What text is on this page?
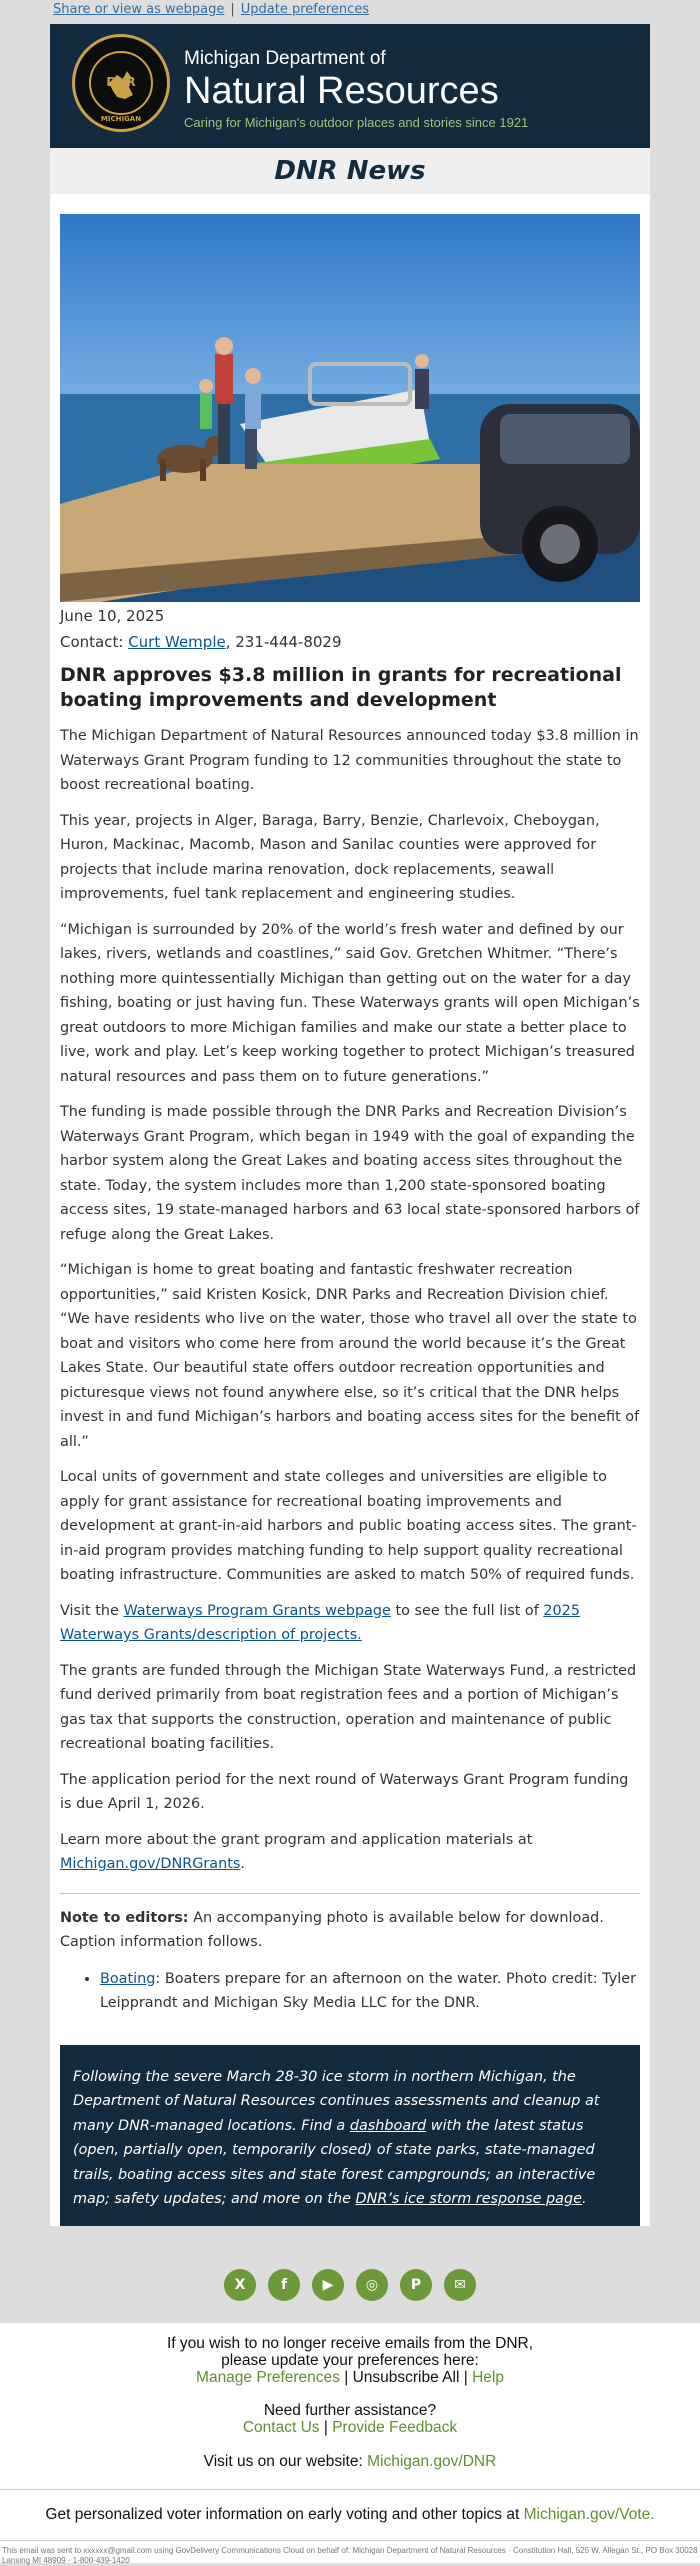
Share or view as webpage | Update preferences
DNR
MICHIGAN
Michigan Department of
Natural Resources
Caring for Michigan's outdoor places and stories since 1921
DNR News
June 10, 2025
Contact: Curt Wemple, 231-444-8029
DNR approves $3.8 million in grants for recreational boating improvements and development

The Michigan Department of Natural Resources announced today $3.8 million in Waterways Grant Program funding to 12 communities throughout the state to boost recreational boating.

This year, projects in Alger, Baraga, Barry, Benzie, Charlevoix, Cheboygan, Huron, Mackinac, Macomb, Mason and Sanilac counties were approved for projects that include marina renovation, dock replacements, seawall improvements, fuel tank replacement and engineering studies.

“Michigan is surrounded by 20% of the world’s fresh water and defined by our lakes, rivers, wetlands and coastlines,” said Gov. Gretchen Whitmer. “There’s nothing more quintessentially Michigan than getting out on the water for a day fishing, boating or just having fun. These Waterways grants will open Michigan’s great outdoors to more Michigan families and make our state a better place to live, work and play. Let’s keep working together to protect Michigan’s treasured natural resources and pass them on to future generations.”

The funding is made possible through the DNR Parks and Recreation Division’s Waterways Grant Program, which began in 1949 with the goal of expanding the harbor system along the Great Lakes and boating access sites throughout the state. Today, the system includes more than 1,200 state-sponsored boating access sites, 19 state-managed harbors and 63 local state-sponsored harbors of refuge along the Great Lakes.

“Michigan is home to great boating and fantastic freshwater recreation opportunities,” said Kristen Kosick, DNR Parks and Recreation Division chief. “We have residents who live on the water, those who travel all over the state to boat and visitors who come here from around the world because it’s the Great Lakes State. Our beautiful state offers outdoor recreation opportunities and picturesque views not found anywhere else, so it’s critical that the DNR helps invest in and fund Michigan’s harbors and boating access sites for the benefit of all.”

Local units of government and state colleges and universities are eligible to apply for grant assistance for recreational boating improvements and development at grant-in-aid harbors and public boating access sites. The grant-in-aid program provides matching funding to help support quality recreational boating infrastructure. Communities are asked to match 50% of required funds.

Visit the Waterways Program Grants webpage to see the full list of 2025 Waterways Grants/description of projects.

The grants are funded through the Michigan State Waterways Fund, a restricted fund derived primarily from boat registration fees and a portion of Michigan’s gas tax that supports the construction, operation and maintenance of public recreational boating facilities.

The application period for the next round of Waterways Grant Program funding is due April 1, 2026.

Learn more about the grant program and application materials at Michigan.gov/DNRGrants.

Note to editors: An accompanying photo is available below for download. Caption information follows.

• Boating: Boaters prepare for an afternoon on the water. Photo credit: Tyler Leipprandt and Michigan Sky Media LLC for the DNR.
Following the severe March 28-30 ice storm in northern Michigan, the Department of Natural Resources continues assessments and cleanup at many DNR-managed locations. Find a dashboard with the latest status (open, partially open, temporarily closed) of state parks, state-managed trails, boating access sites and state forest campgrounds; an interactive map; safety updates; and more on the DNR’s ice storm response page.
X	f	▶ ◎ P ✉
If you wish to no longer receive emails from the DNR,
please update your preferences here:
Manage Preferences | Unsubscribe All | Help
Need further assistance?
Contact Us | Provide Feedback
Visit us on our website: Michigan.gov/DNR
Get personalized voter information on early voting and other topics at Michigan.gov/Vote.
This email was sent to xxxxxx@gmail.com using GovDelivery Communications Cloud on behalf of: Michigan Department of Natural Resources · Constitution Hall, 525 W. Allegan St., PO Box 30028 Lansing MI 48909 · 1-800-439-1420
